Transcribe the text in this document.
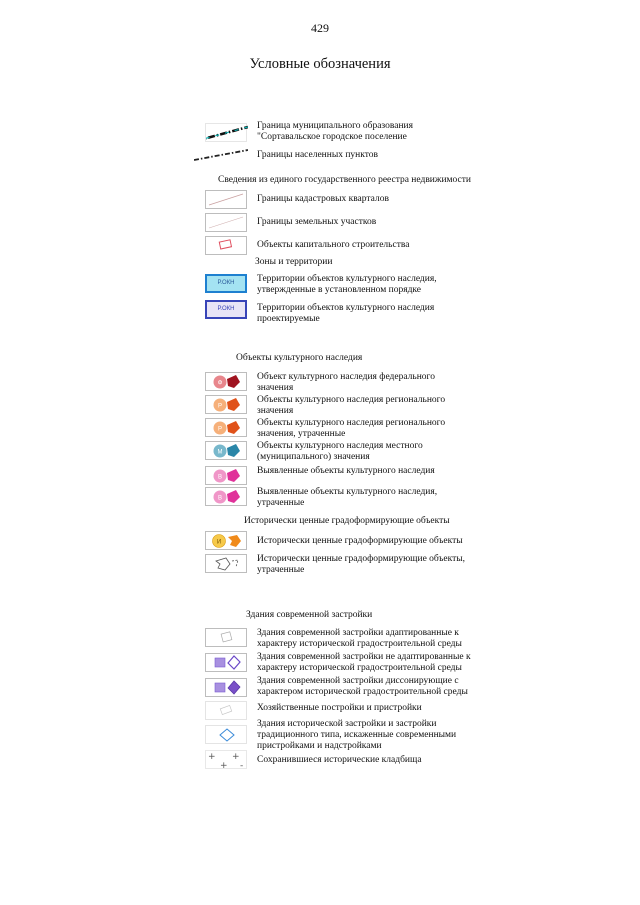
429
Условные обозначения
Граница муниципального образования
"Сортавальское городское поселение
Границы населенных пунктов
Сведения из единого государственного реестра недвижимости
Границы кадастровых кварталов
Границы земельных участков
Объекты капитального строительства
Зоны и территории
Р.ОКН	Территории объектов культурного наследия,
утвержденные в установленном порядке
Р.ОКН	Территории объектов культурного наследия
проектируемые
Объекты культурного наследия
Ф
Объект культурного наследия федерального
значения
Р
Объекты культурного наследия регионального
значения
Р
Объекты культурного наследия регионального
значения, утраченные
М
Объекты культурного наследия местного
(муниципального) значения
В
Выявленные объекты культурного наследия
В
Выявленные объекты культурного наследия,
утраченные
Исторически ценные градоформирующие объекты
И	Исторически ценные градоформирующие объекты
Исторически ценные градоформирующие объекты,
утраченные
Здания современной застройки
Здания современной застройки адаптированные к
характеру исторической градостроительной среды
Здания современной застройки не адаптированные к
характеру исторической градостроительной среды
Здания современной застройки диссонирующие с
характером исторической градостроительной среды
Хозяйственные постройки и пристройки
Здания исторической застройки и застройки
традиционного типа, искаженные современными
пристройками и надстройками
+ +
+ -
Сохранившиеся исторические кладбища
